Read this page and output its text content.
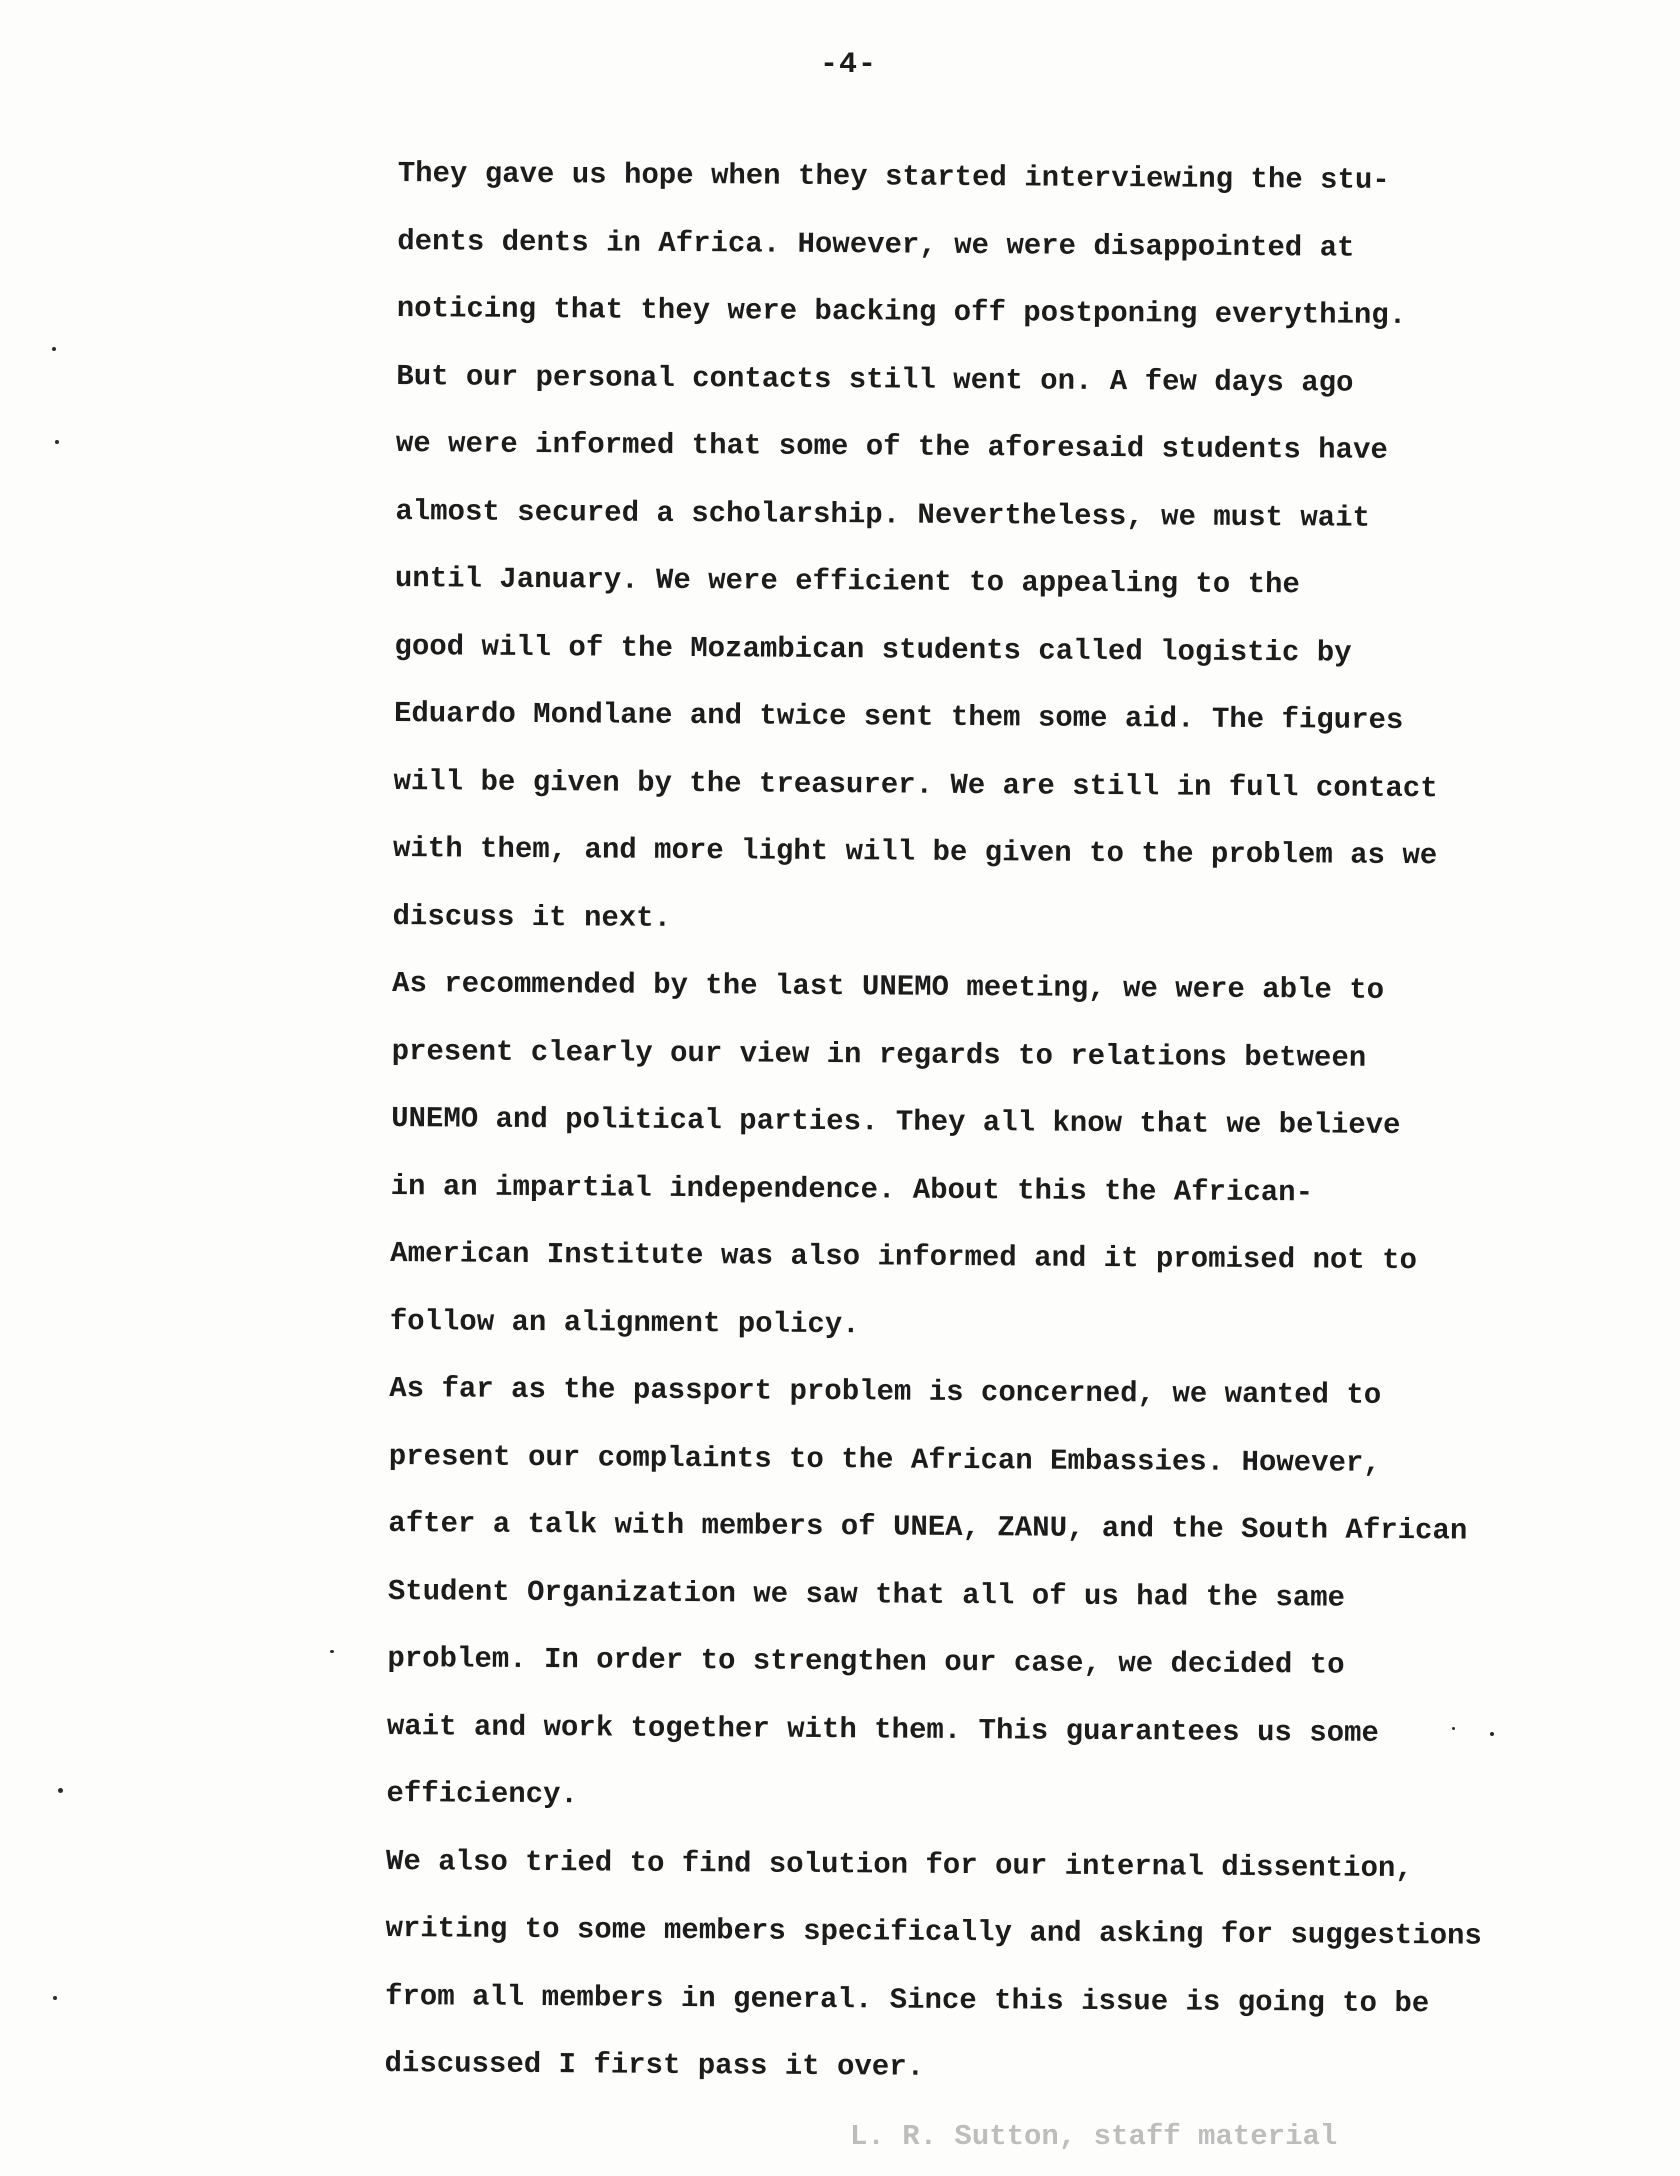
-4-
They gave us hope when they started interviewing the stu-
dents dents in Africa. However, we were disappointed at
noticing that they were backing off postponing everything.
But our personal contacts still went on. A few days ago
we were informed that some of the aforesaid students have
almost secured a scholarship. Nevertheless, we must wait
until January. We were efficient to appealing to the
good will of the Mozambican students called logistic by
Eduardo Mondlane and twice sent them some aid. The figures
will be given by the treasurer. We are still in full contact
with them, and more light will be given to the problem as we
discuss it next.
As recommended by the last UNEMO meeting, we were able to
present clearly our view in regards to relations between
UNEMO and political parties. They all know that we believe
in an impartial independence. About this the African-
American Institute was also informed and it promised not to
follow an alignment policy.
As far as the passport problem is concerned, we wanted to
present our complaints to the African Embassies. However,
after a talk with members of UNEA, ZANU, and the South African
Student Organization we saw that all of us had the same
problem. In order to strengthen our case, we decided to
wait and work together with them. This guarantees us some
efficiency.
We also tried to find solution for our internal dissention,
writing to some members specifically and asking for suggestions
from all members in general. Since this issue is going to be
discussed I first pass it over.
L. R. Sutton, staff material
